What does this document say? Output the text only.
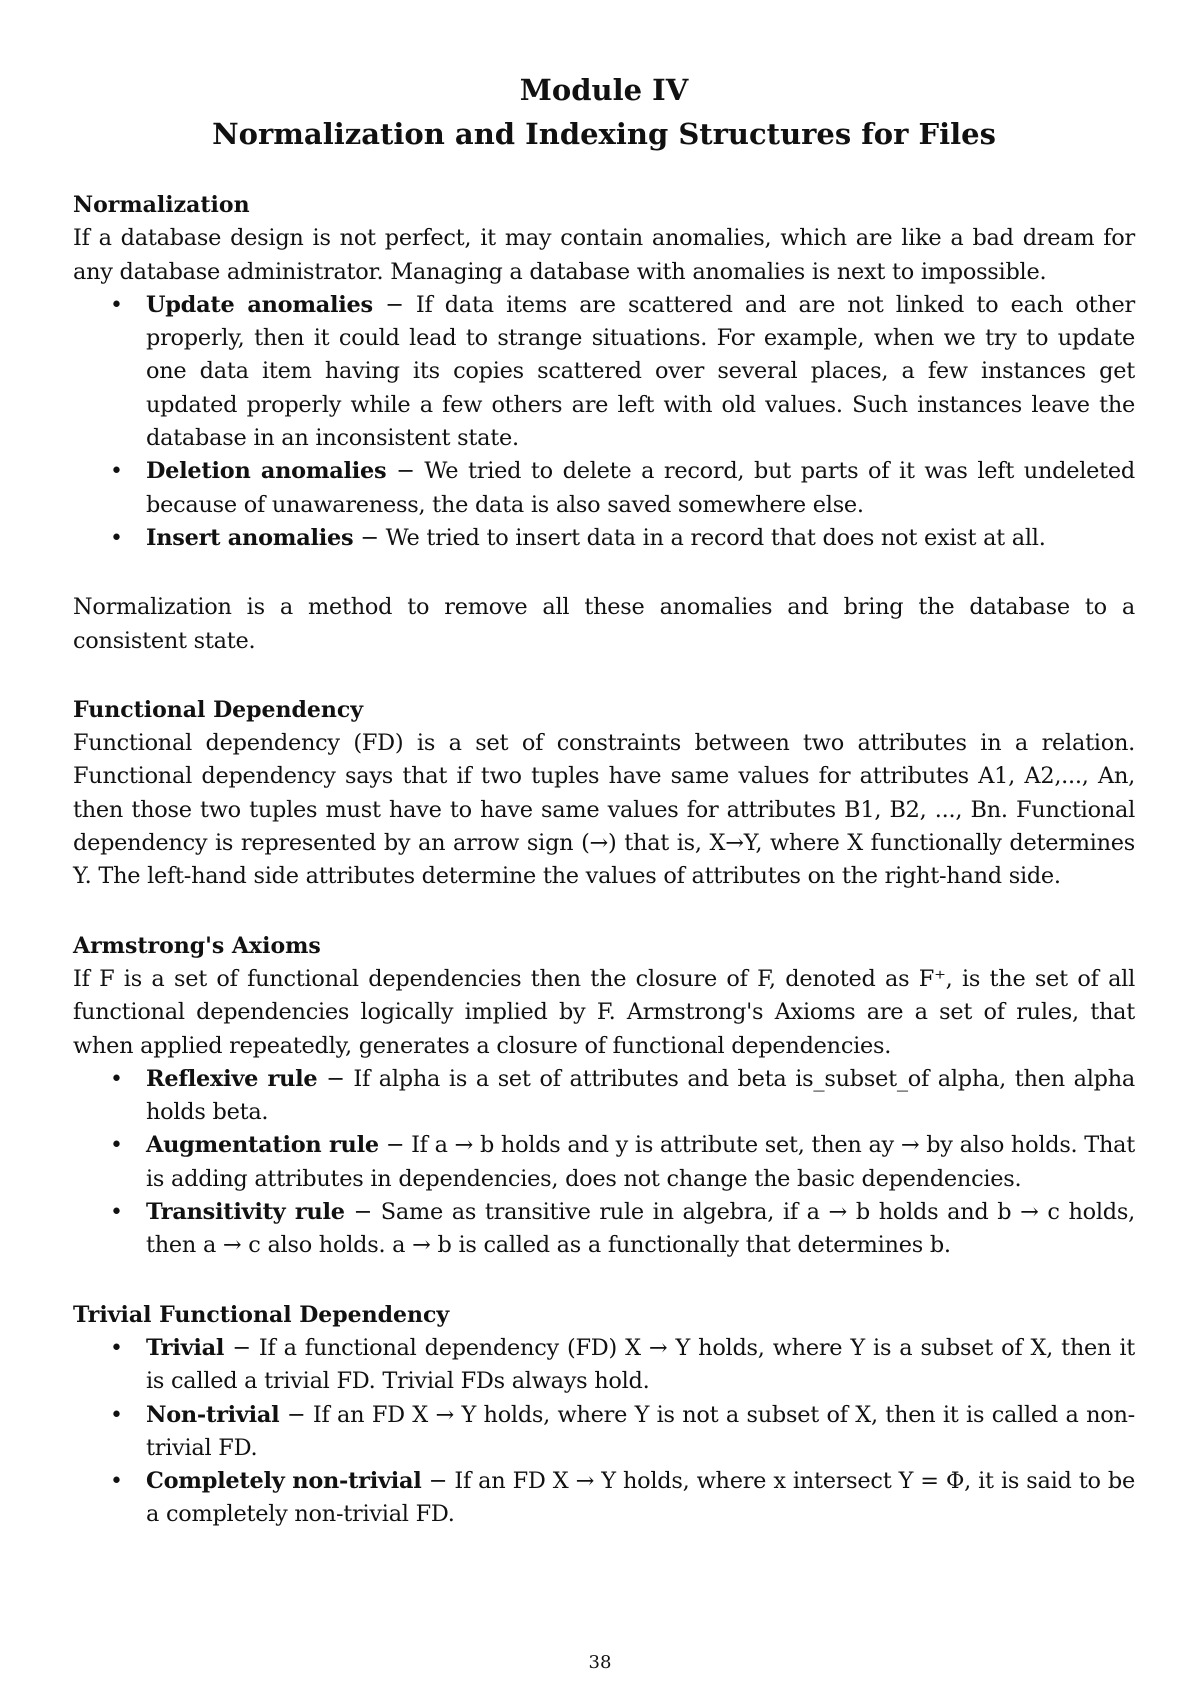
Module IV
Normalization and Indexing Structures for Files
Normalization

If a database design is not perfect, it may contain anomalies, which are like a bad dream for any database administrator. Managing a database with anomalies is next to impossible.

• Update anomalies − If data items are scattered and are not linked to each other properly, then it could lead to strange situations. For example, when we try to update one data item having its copies scattered over several places, a few instances get updated properly while a few others are left with old values. Such instances leave the database in an inconsistent state.
• Deletion anomalies − We tried to delete a record, but parts of it was left undeleted because of unawareness, the data is also saved somewhere else.
• Insert anomalies − We tried to insert data in a record that does not exist at all.

Normalization is a method to remove all these anomalies and bring the database to a consistent state.

Functional Dependency

Functional dependency (FD) is a set of constraints between two attributes in a relation. Functional dependency says that if two tuples have same values for attributes A1, A2,..., An, then those two tuples must have to have same values for attributes B1, B2, ..., Bn. Functional dependency is represented by an arrow sign (→) that is, X→Y, where X functionally determines Y. The left-hand side attributes determine the values of attributes on the right-hand side.

Armstrong's Axioms

If F is a set of functional dependencies then the closure of F, denoted as F⁺, is the set of all functional dependencies logically implied by F. Armstrong's Axioms are a set of rules, that when applied repeatedly, generates a closure of functional dependencies.

• Reflexive rule − If alpha is a set of attributes and beta is_subset_of alpha, then alpha holds beta.
• Augmentation rule − If a → b holds and y is attribute set, then ay → by also holds. That is adding attributes in dependencies, does not change the basic dependencies.
• Transitivity rule − Same as transitive rule in algebra, if a → b holds and b → c holds, then a → c also holds. a → b is called as a functionally that determines b.
Trivial Functional Dependency
• Trivial − If a functional dependency (FD) X → Y holds, where Y is a subset of X, then it is called a trivial FD. Trivial FDs always hold.
• Non-trivial − If an FD X → Y holds, where Y is not a subset of X, then it is called a non-trivial FD.
• Completely non-trivial − If an FD X → Y holds, where x intersect Y = Φ, it is said to be a completely non-trivial FD.
38
